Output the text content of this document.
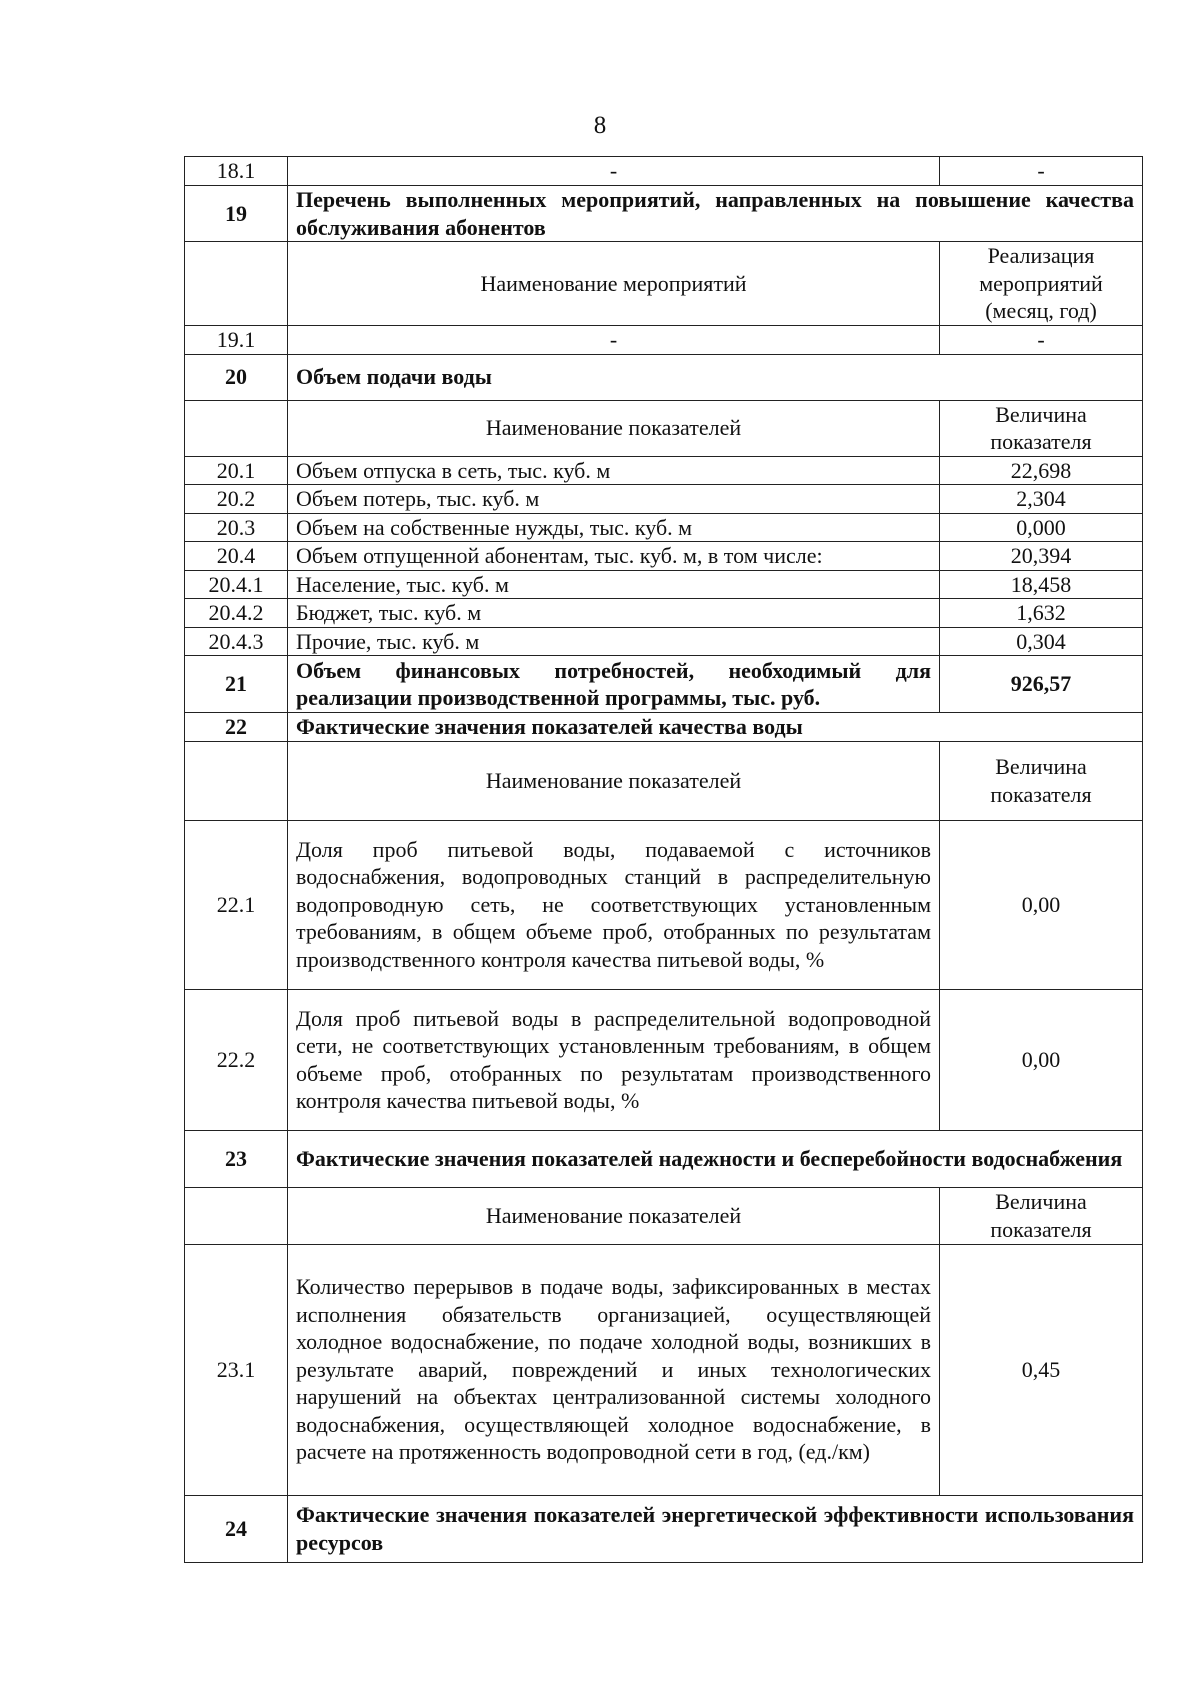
8
18.1	-	-
19	Перечень выполненных мероприятий, направленных на повышение качества обслуживания абонентов	
	Наименование мероприятий	Реализация мероприятий (месяц, год)
19.1	-	-
20	Объем подачи воды	
	Наименование показателей	Величина показателя
20.1	Объем отпуска в сеть, тыс. куб. м	22,698
20.2	Объем потерь, тыс. куб. м	2,304
20.3	Объем на собственные нужды, тыс. куб. м	0,000
20.4	Объем отпущенной абонентам, тыс. куб. м, в том числе:	20,394
20.4.1	Население, тыс. куб. м	18,458
20.4.2	Бюджет, тыс. куб. м	1,632
20.4.3	Прочие, тыс. куб. м	0,304
21	Объем финансовых потребностей, необходимый для реализации производственной программы, тыс. руб.	926,57
22	Фактические значения показателей качества воды	
	Наименование показателей	Величина показателя
22.1	Доля проб питьевой воды, подаваемой с источников водоснабжения, водопроводных станций в распределительную водопроводную сеть, не соответствующих установленным требованиям, в общем объеме проб, отобранных по результатам производственного контроля качества питьевой воды, %	0,00
22.2	Доля проб питьевой воды в распределительной водопроводной сети, не соответствующих установленным требованиям, в общем объеме проб, отобранных по результатам производственного контроля качества питьевой воды, %	0,00
23	Фактические значения показателей надежности и бесперебойности водоснабжения	
	Наименование показателей	Величина показателя
23.1	Количество перерывов в подаче воды, зафиксированных в местах исполнения обязательств организацией, осуществляющей холодное водоснабжение, по подаче холодной воды, возникших в результате аварий, повреждений и иных технологических нарушений на объектах централизованной системы холодного водоснабжения, осуществляющей холодное водоснабжение, в расчете на протяженность водопроводной сети в год, (ед./км)	0,45
24	Фактические значения показателей энергетической эффективности использования ресурсов	
